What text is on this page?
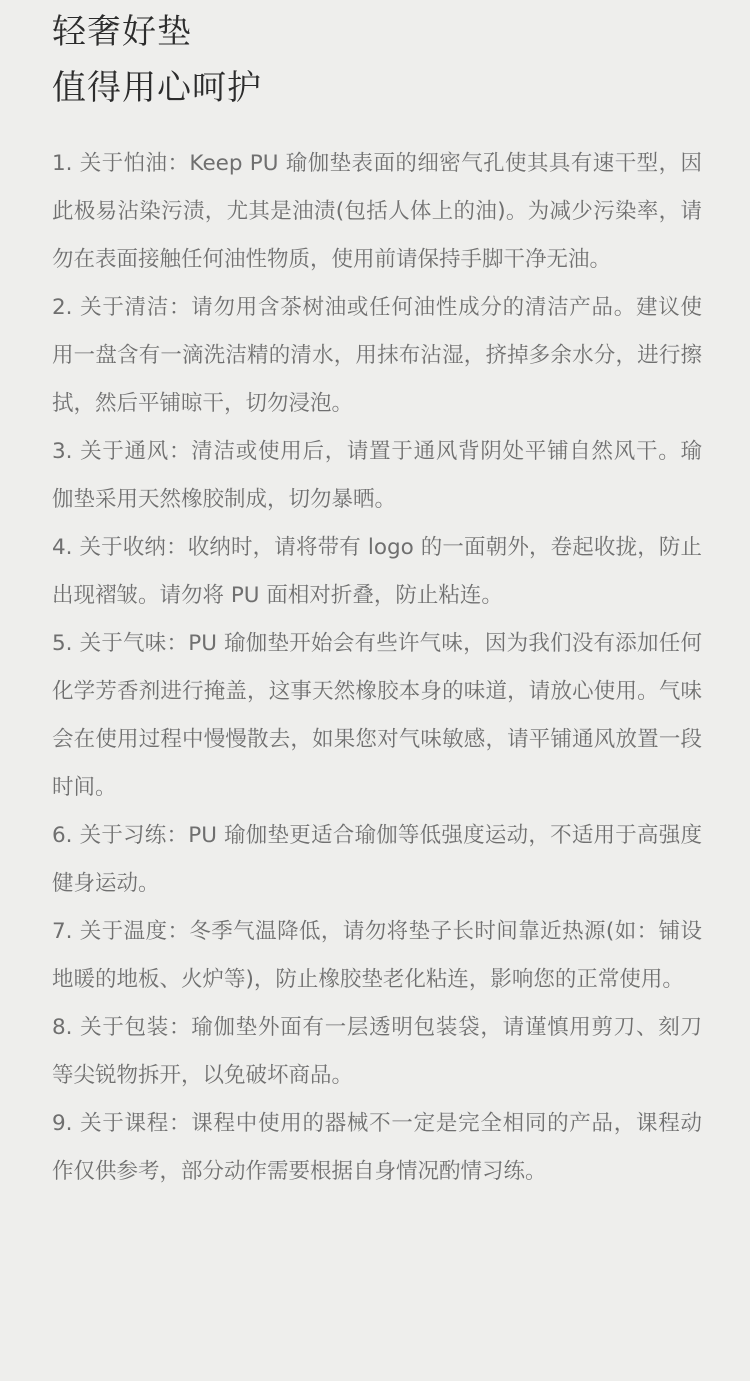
轻奢好垫
值得用心呵护

1. 关于怕油：Keep PU 瑜伽垫表面的细密气孔使其具有速干型，因此极易沾染污渍，尤其是油渍(包括人体上的油)。为减少污染率，请勿在表面接触任何油性物质，使用前请保持手脚干净无油。

2. 关于清洁：请勿用含茶树油或任何油性成分的清洁产品。建议使用一盘含有一滴洗洁精的清水，用抹布沾湿，挤掉多余水分，进行擦拭，然后平铺晾干，切勿浸泡。

3. 关于通风：清洁或使用后，请置于通风背阴处平铺自然风干。瑜伽垫采用天然橡胶制成，切勿暴晒。

4. 关于收纳：收纳时，请将带有 logo 的一面朝外，卷起收拢，防止出现褶皱。请勿将 PU 面相对折叠，防止粘连。

5. 关于气味：PU 瑜伽垫开始会有些许气味，因为我们没有添加任何化学芳香剂进行掩盖，这事天然橡胶本身的味道，请放心使用。气味会在使用过程中慢慢散去，如果您对气味敏感，请平铺通风放置一段时间。

6. 关于习练：PU 瑜伽垫更适合瑜伽等低强度运动，不适用于高强度健身运动。

7. 关于温度：冬季气温降低，请勿将垫子长时间靠近热源(如：铺设地暖的地板、火炉等)，防止橡胶垫老化粘连，影响您的正常使用。

8. 关于包装：瑜伽垫外面有一层透明包装袋，请谨慎用剪刀、刻刀等尖锐物拆开，以免破坏商品。

9. 关于课程：课程中使用的器械不一定是完全相同的产品，课程动作仅供参考，部分动作需要根据自身情况酌情习练。
